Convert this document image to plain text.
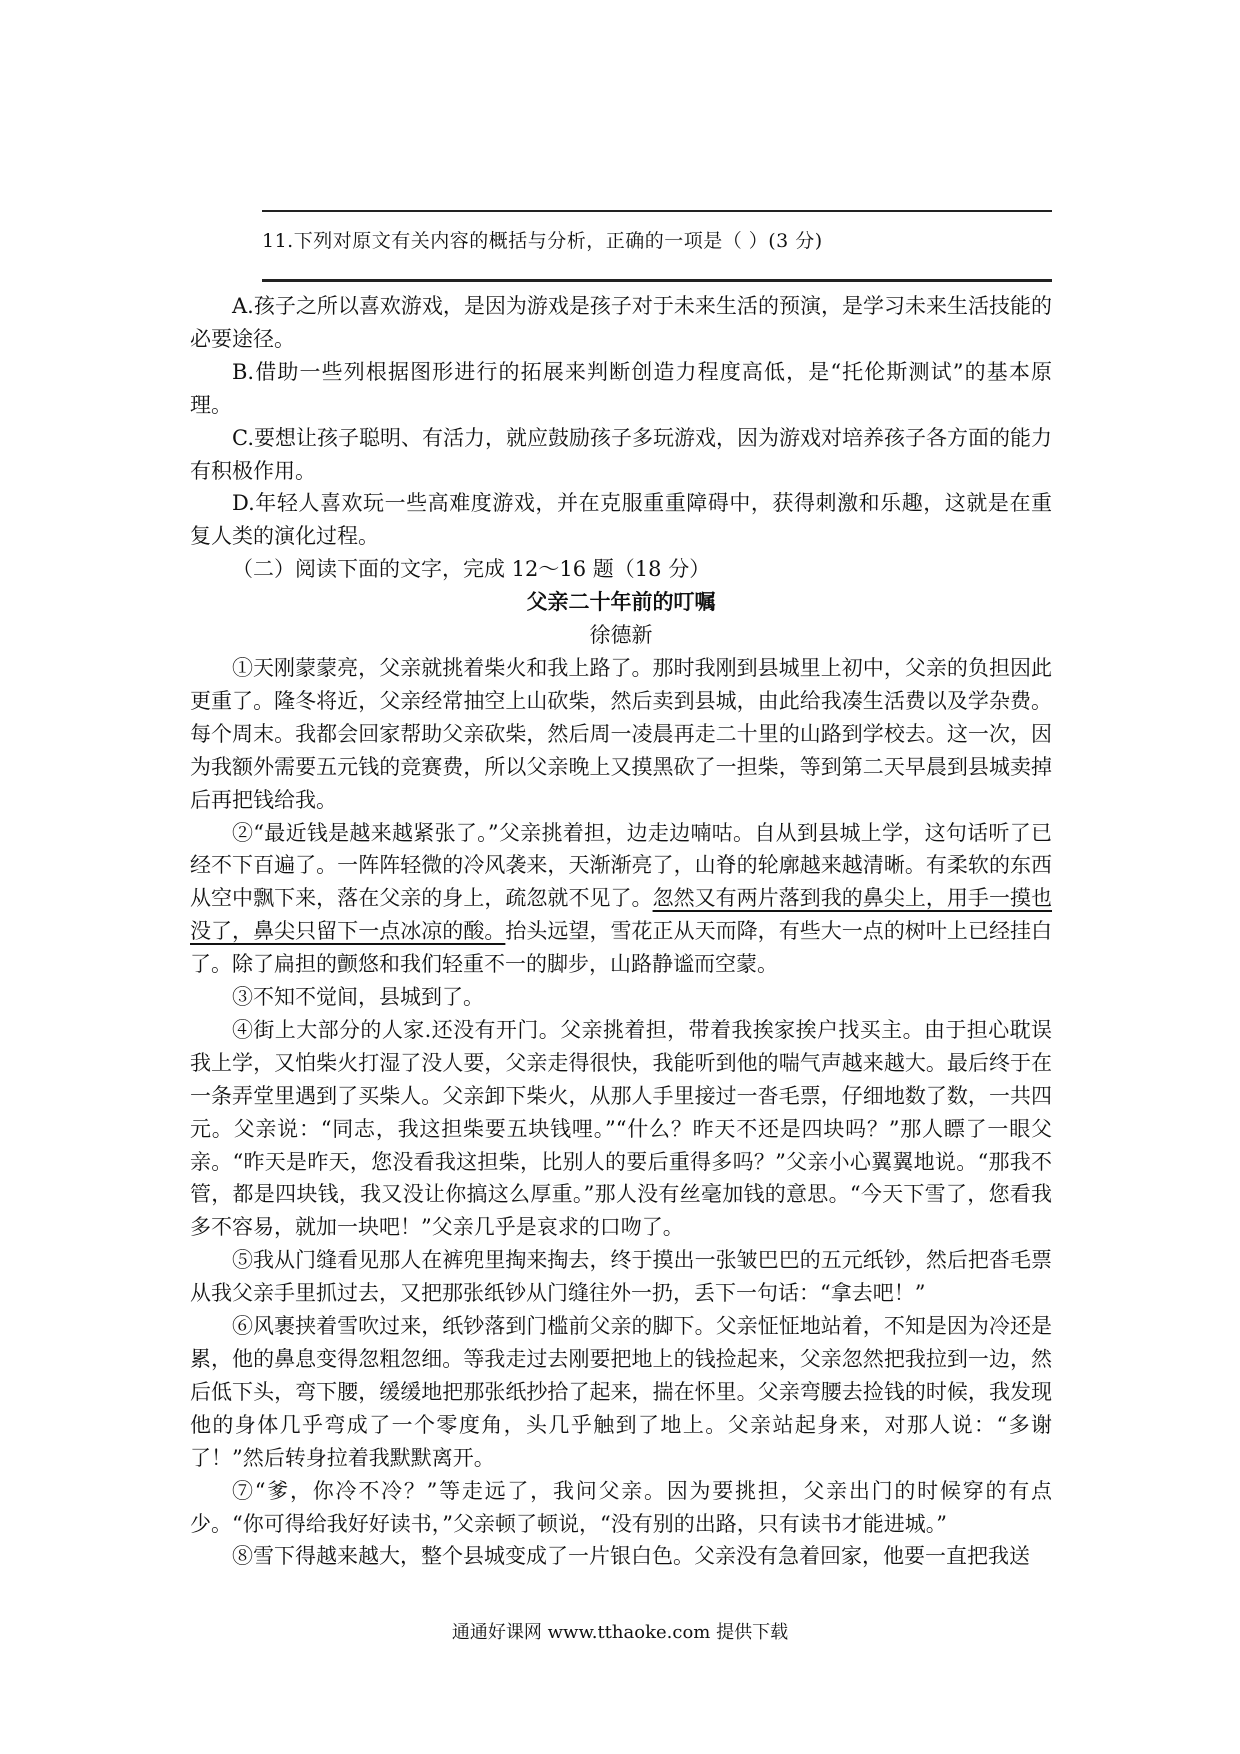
11.下列对原文有关内容的概括与分析，正确的一项是（ ）(3 分)

A.孩子之所以喜欢游戏，是因为游戏是孩子对于未来生活的预演，是学习未来生活技能的必要途径。

B.借助一些列根据图形进行的拓展来判断创造力程度高低，是“托伦斯测试”的基本原理。

C.要想让孩子聪明、有活力，就应鼓励孩子多玩游戏，因为游戏对培养孩子各方面的能力有积极作用。

D.年轻人喜欢玩一些高难度游戏，并在克服重重障碍中，获得刺激和乐趣，这就是在重复人类的演化过程。

（二）阅读下面的文字，完成 12～16 题（18 分）

父亲二十年前的叮嘱

徐德新

①天刚蒙蒙亮，父亲就挑着柴火和我上路了。那时我刚到县城里上初中，父亲的负担因此更重了。隆冬将近，父亲经常抽空上山砍柴，然后卖到县城，由此给我凑生活费以及学杂费。每个周末。我都会回家帮助父亲砍柴，然后周一凌晨再走二十里的山路到学校去。这一次，因为我额外需要五元钱的竞赛费，所以父亲晚上又摸黑砍了一担柴，等到第二天早晨到县城卖掉后再把钱给我。

②“最近钱是越来越紧张了。”父亲挑着担，边走边喃咕。自从到县城上学，这句话听了已经不下百遍了。一阵阵轻微的冷风袭来，天渐渐亮了，山脊的轮廓越来越清晰。有柔软的东西从空中飘下来，落在父亲的身上，疏忽就不见了。忽然又有两片落到我的鼻尖上，用手一摸也没了，鼻尖只留下一点冰凉的酸。抬头远望，雪花正从天而降，有些大一点的树叶上已经挂白了。除了扁担的颤悠和我们轻重不一的脚步，山路静谧而空蒙。

③不知不觉间，县城到了。

④街上大部分的人家.还没有开门。父亲挑着担，带着我挨家挨户找买主。由于担心耽误我上学，又怕柴火打湿了没人要，父亲走得很快，我能听到他的喘气声越来越大。最后终于在一条弄堂里遇到了买柴人。父亲卸下柴火，从那人手里接过一沓毛票，仔细地数了数，一共四元。父亲说：“同志，我这担柴要五块钱哩。”“什么？昨天不还是四块吗？”那人瞟了一眼父亲。“昨天是昨天，您没看我这担柴，比别人的要后重得多吗？”父亲小心翼翼地说。“那我不管，都是四块钱，我又没让你搞这么厚重。”那人没有丝毫加钱的意思。“今天下雪了，您看我多不容易，就加一块吧！”父亲几乎是哀求的口吻了。

⑤我从门缝看见那人在裤兜里掏来掏去，终于摸出一张皱巴巴的五元纸钞，然后把沓毛票从我父亲手里抓过去，又把那张纸钞从门缝往外一扔，丢下一句话：“拿去吧！”

⑥风裹挟着雪吹过来，纸钞落到门槛前父亲的脚下。父亲怔怔地站着，不知是因为冷还是累，他的鼻息变得忽粗忽细。等我走过去刚要把地上的钱捡起来，父亲忽然把我拉到一边，然后低下头，弯下腰，缓缓地把那张纸抄拾了起来，揣在怀里。父亲弯腰去捡钱的时候，我发现他的身体几乎弯成了一个零度角，头几乎触到了地上。父亲站起身来，对那人说：“多谢了！”然后转身拉着我默默离开。

⑦“爹，你冷不冷？”等走远了，我问父亲。因为要挑担，父亲出门的时候穿的有点少。“你可得给我好好读书，”父亲顿了顿说，“没有别的出路，只有读书才能进城。”

⑧雪下得越来越大，整个县城变成了一片银白色。父亲没有急着回家，他要一直把我送

通通好课网 www.tthaoke.com 提供下载
